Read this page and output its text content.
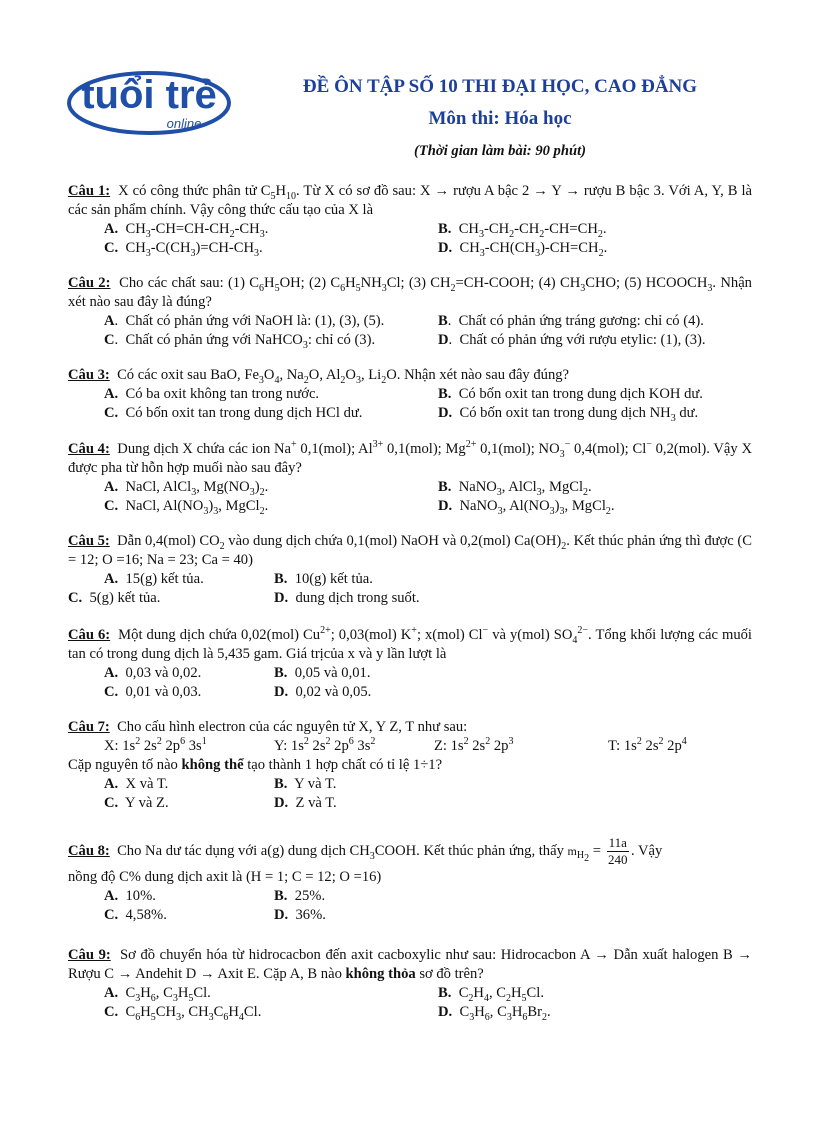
tuổi trẻ
online
ĐỀ ÔN TẬP SỐ 10 THI ĐẠI HỌC, CAO ĐẲNG
Môn thi: Hóa học
(Thời gian làm bài: 90 phút)
Câu 1:  X có công thức phân tử $C_5H_{10}$. Từ X có sơ đồ sau: X → rượu A bậc 2 → Y → rượu B bậc 3. Với A, Y, B là các sản phẩm chính. Vậy công thức cấu tạo của X là
A.  $CH_3-CH=CH-CH_2-CH_3$.	B.  $CH_3-CH_2-CH_2-CH=CH_2$.
C.  $CH_3-C(CH_3)=CH-CH_3$.	D.  $CH_3-CH(CH_3)-CH=CH_2$.
Câu 2:  Cho các chất sau: (1) $C_6H_5OH$; (2) $C_6H_5NH_3Cl$; (3) $CH_2=CH$-COOH; (4) $CH_3CHO$; (5) $HCOOCH_3$. Nhận xét nào sau đây là đúng?
A.  Chất có phản ứng với NaOH là: (1), (3), (5).	B.  Chất có phản ứng tráng gương: chỉ có (4).
C.  Chất có phản ứng với NaHCO$_3$: chỉ có (3).	D.  Chất có phản ứng với rượu etylic: (1), (3).
Câu 3:  Có các oxit sau BaO, $Fe_3O_4$, $Na_2O$, $Al_2O_3$, $Li_2O$. Nhận xét nào sau đây đúng?
A.  Có ba oxit không tan trong nước.	B.  Có bốn oxit tan trong dung dịch KOH dư.
C.  Có bốn oxit tan trong dung dịch HCl dư.	D.  Có bốn oxit tan trong dung dịch $NH_3$ dư.
Câu 4:  Dung dịch X chứa các ion Na+ 0,1(mol); $Al^{3+}$ 0,1(mol); $Mg^{2+}$ 0,1(mol); $NO_3^-$ 0,4(mol); Cl− 0,2(mol). Vậy X được pha từ hỗn hợp muối nào sau đây?
A.  NaCl, AlCl$_3$, $Mg(NO_3)_2$.	B.  NaNO$_3$, AlCl$_3$, MgCl$_2$.
C.  NaCl, $Al(NO_3)_3$, MgCl$_2$.	D.  NaNO$_3$, $Al(NO_3)_3$, MgCl$_2$.
Câu 5:  Dẫn 0,4(mol) $CO_2$ vào dung dịch chứa 0,1(mol) NaOH và 0,2(mol) $Ca(OH)_2$. Kết thúc phản ứng thì được (C = 12; O =16; Na = 23; Ca = 40)
A.  15(g) kết tủa.	B.  10(g) kết tủa.
C.  5(g) kết tủa.	D.  dung dịch trong suốt.
Câu 6:  Một dung dịch chứa 0,02(mol) $Cu^{2+}$; 0,03(mol) K+; x(mol) Cl− và y(mol) $SO_4^{2-}$. Tổng khối lượng các muối tan có trong dung dịch là 5,435 gam. Giá trịcủa x và y lần lượt là
A.  0,03 và 0,02.	B.  0,05 và 0,01.
C.  0,01 và 0,03.	D.  0,02 và 0,05.
Câu 7:  Cho cấu hình electron của các nguyên tử X, Y Z, T như sau:
X: $1s^2$ $2s^2$ $2p^6$ $3s^1$	Y: $1s^2$ $2s^2$ $2p^6$ $3s^2$	Z: $1s^2$ $2s^2$ $2p^3$	T: $1s^2$ $2s^2$ $2p^4$
Cặp nguyên tố nào không thể tạo thành 1 hợp chất có tỉ lệ 1÷1?
A.  X và T.	B.  Y và T.
C.  Y và Z.	D.  Z và T.
Câu 8:  Cho Na dư tác dụng với a(g) dung dịch $CH_3COOH$. Kết thúc phản ứng, thấy $m_{H_2} = \frac{11a}{240}$ . Vậy
nồng độ C% dung dịch axit là (H = 1; C = 12; O =16)
A.  10%.	B.  25%.
C.  4,58%.	D.  36%.
Câu 9:  Sơ đồ chuyển hóa từ hidrocacbon đến axit cacboxylic như sau: Hidrocacbon A → Dẫn xuất halogen B → Rượu C → Andehit D → Axit E. Cặp A, B nào không thỏa sơ đồ trên?
A.  $C_3H_6$, $C_3H_5Cl$.	B.  $C_2H_4$, $C_2H_5Cl$.
C.  $C_6H_5CH_3$, $CH_3C_6H_4Cl$.	D.  $C_3H_6$, $C_3H_6Br_2$.
